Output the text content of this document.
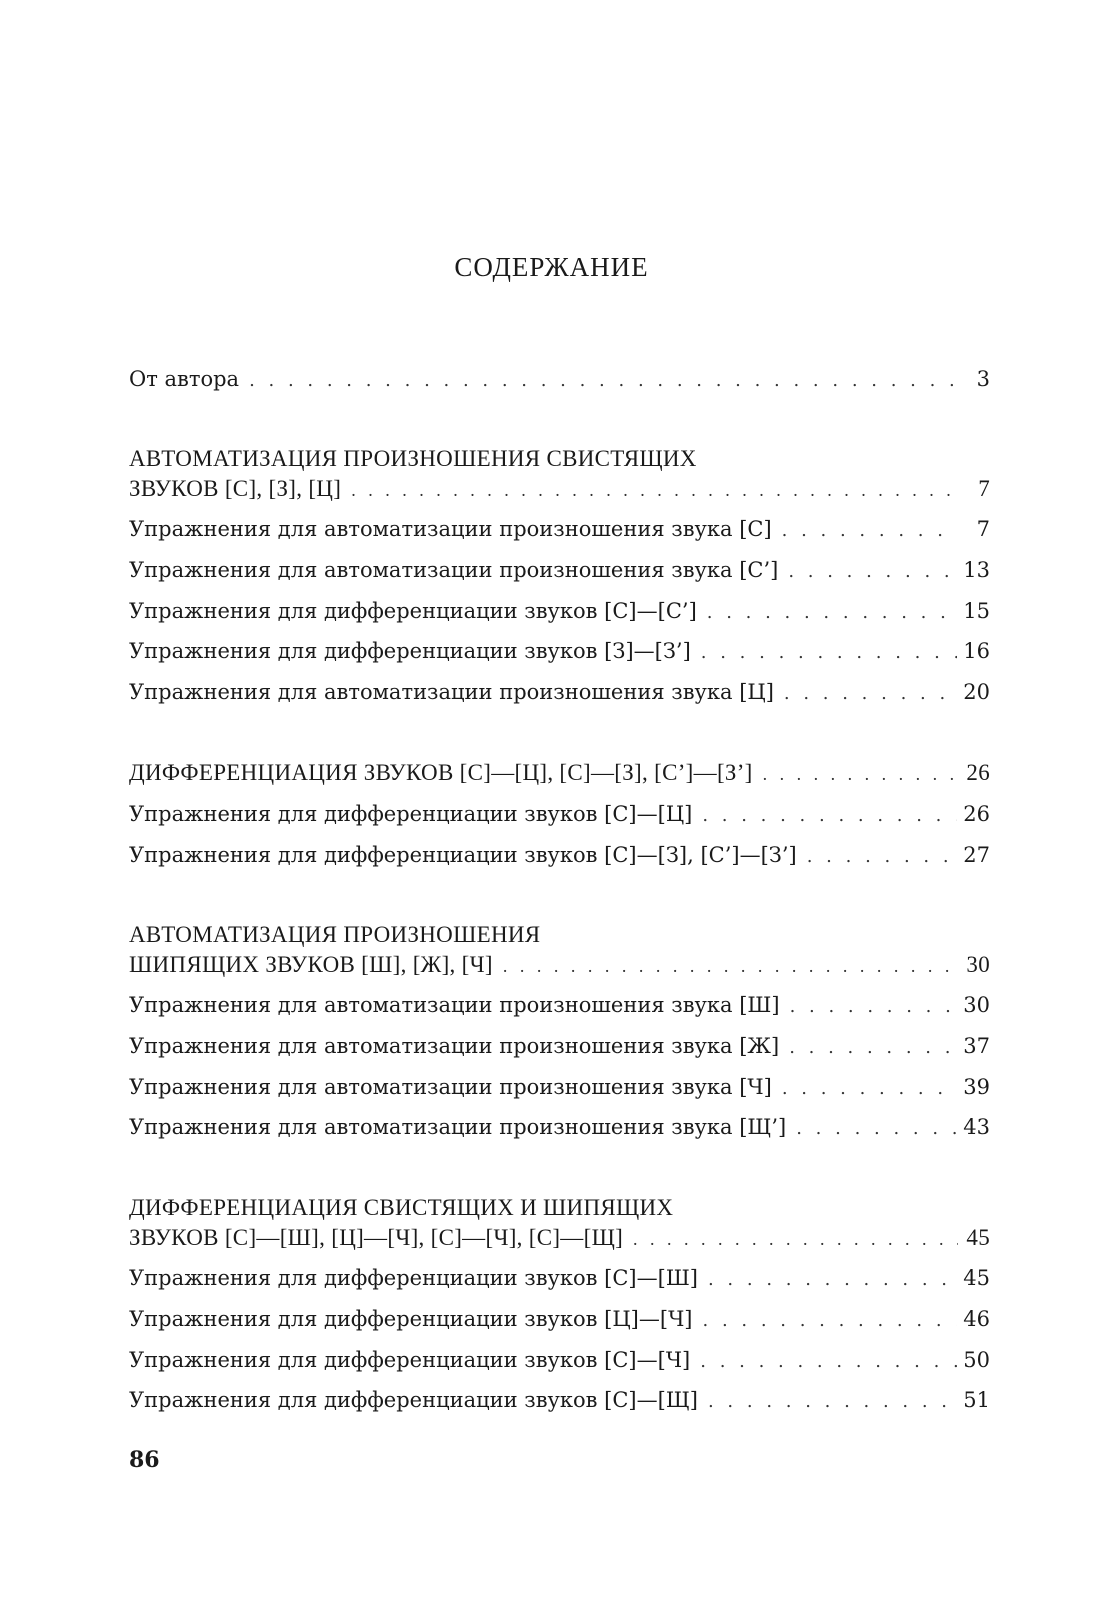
СОДЕРЖАНИЕ
От автора . . .	3
АВТОМАТИЗАЦИЯ ПРОИЗНОШЕНИЯ СВИСТЯЩИХ
ЗВУКОВ [С], [З], [Ц] . . .	7
Упражнения для автоматизации произношения звука [С] . . .	7
Упражнения для автоматизации произношения звука [С’] . . .	13
Упражнения для дифференциации звуков [С]—[С’] . . .	15
Упражнения для дифференциации звуков [З]—[З’] . . .	16
Упражнения для автоматизации произношения звука [Ц] . . .	20
ДИФФЕРЕНЦИАЦИЯ ЗВУКОВ [С]—[Ц], [С]—[З], [С’]—[З’] . . .	26
Упражнения для дифференциации звуков [С]—[Ц] . . .	26
Упражнения для дифференциации звуков [С]—[З], [С’]—[З’] . . .	27
АВТОМАТИЗАЦИЯ ПРОИЗНОШЕНИЯ
ШИПЯЩИХ ЗВУКОВ [Ш], [Ж], [Ч] . . .	30
Упражнения для автоматизации произношения звука [Ш] . . .	30
Упражнения для автоматизации произношения звука [Ж] . . .	37
Упражнения для автоматизации произношения звука [Ч] . . .	39
Упражнения для автоматизации произношения звука [Щ’] . . .	43
ДИФФЕРЕНЦИАЦИЯ СВИСТЯЩИХ И ШИПЯЩИХ
ЗВУКОВ [С]—[Ш], [Ц]—[Ч], [С]—[Ч], [С]—[Щ] . . .	45
Упражнения для дифференциации звуков [С]—[Ш] . . .	45
Упражнения для дифференциации звуков [Ц]—[Ч] . . .	46
Упражнения для дифференциации звуков [С]—[Ч] . . .	50
Упражнения для дифференциации звуков [С]—[Щ] . . .	51
86
